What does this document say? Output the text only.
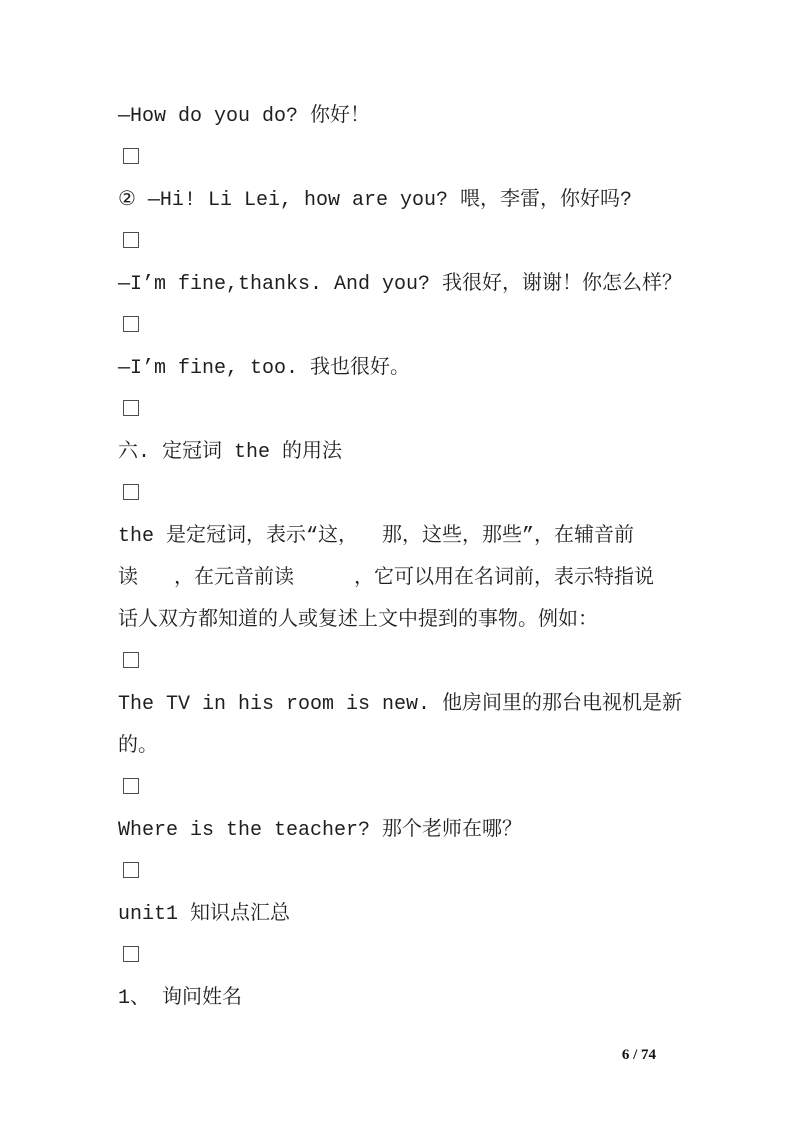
—How do you do? 你好！
② —Hi! Li Lei, how are you? 喂，李雷，你好吗?
—I’m fine,thanks. And you? 我很好，谢谢！你怎么样？
—I’m fine, too. 我也很好。
六. 定冠词 the 的用法
the 是定冠词，表示“这，  那，这些，那些”，在辅音前
读   ，在元音前读     ，它可以用在名词前，表示特指说
话人双方都知道的人或复述上文中提到的事物。例如：
The TV in his room is new. 他房间里的那台电视机是新
的。
Where is the teacher? 那个老师在哪？
unit1 知识点汇总
1、 询问姓名
6 / 74
